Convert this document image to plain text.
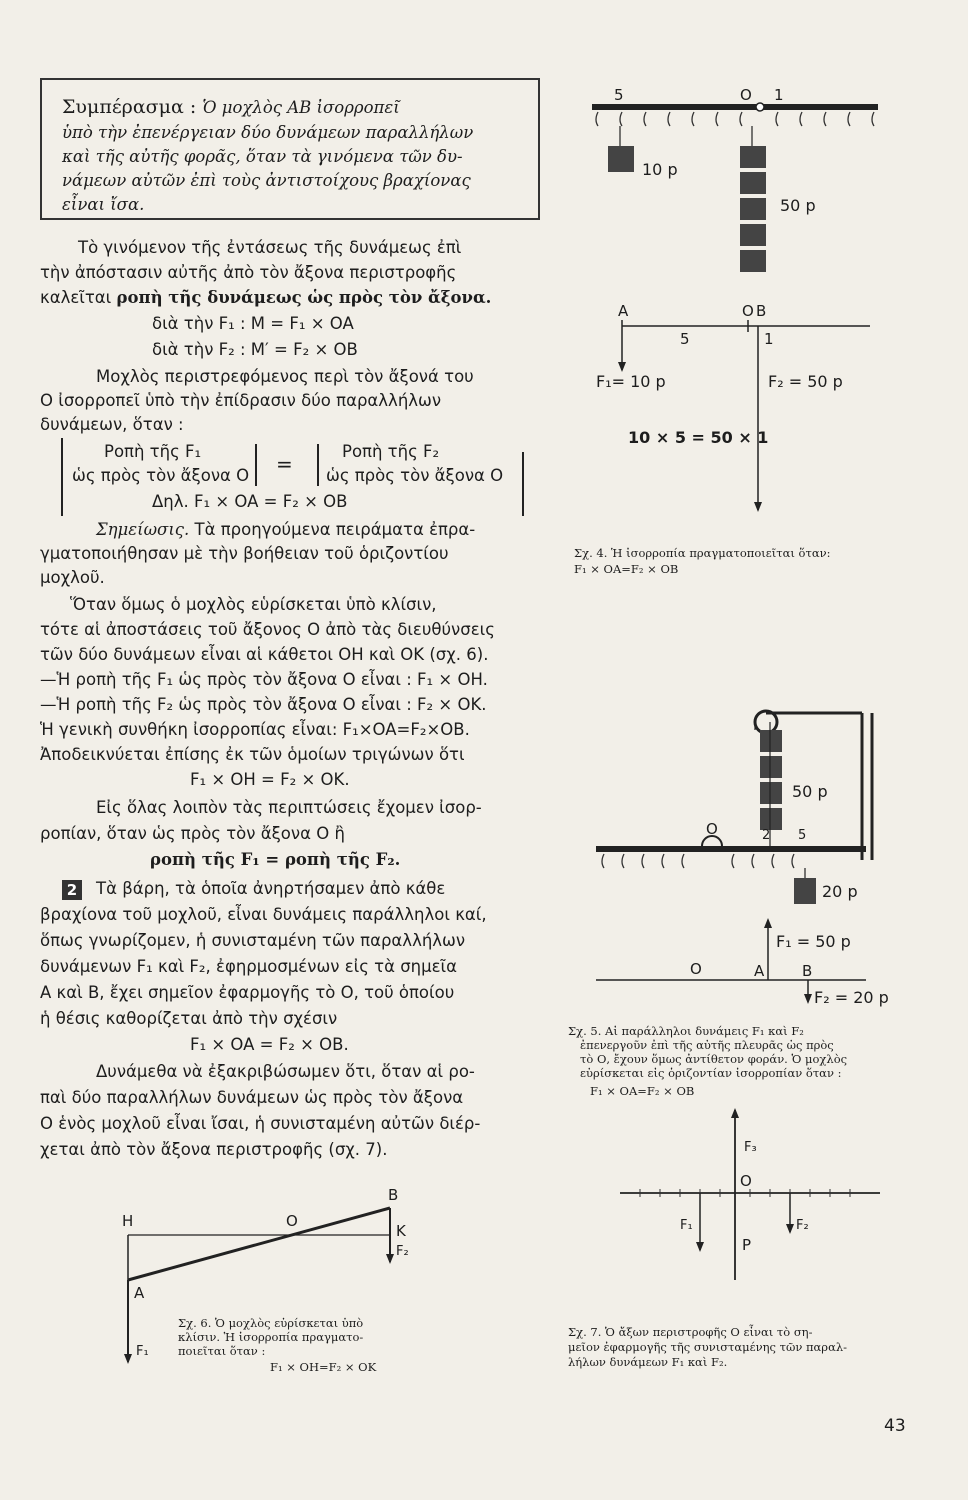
Συμπέρασμα : Ὁ μοχλὸς ΑΒ ἰσορροπεῖ
ὑπὸ τὴν ἐπενέργειαν δύο δυνάμεων παραλλήλων
καὶ τῆς αὐτῆς φορᾶς, ὅταν τὰ γινόμενα τῶν δυ-
νάμεων αὐτῶν ἐπὶ τοὺς ἀντιστοίχους βραχίονας
εἶναι ἴσα.
Τὸ γινόμενον τῆς ἐντάσεως τῆς δυνάμεως ἐπὶ
τὴν ἀπόστασιν αὐτῆς ἀπὸ τὸν ἄξονα περιστροφῆς
καλεῖται ροπὴ τῆς δυνάμεως ὡς πρὸς τὸν ἄξονα.
διὰ τὴν F₁ : M = F₁ × OA
διὰ τὴν F₂ : M′ = F₂ × OB
Μοχλὸς περιστρεφόμενος περὶ τὸν ἄξονά του
Ο ἰσορροπεῖ ὑπὸ τὴν ἐπίδρασιν δύο παραλλήλων
δυνάμεων, ὅταν :
Ροπὴ τῆς F₁
ὡς πρὸς τὸν ἄξονα Ο =
Ροπὴ τῆς F₂
ὡς πρὸς τὸν ἄξονα Ο
Δηλ. F₁ × OA = F₂ × OB
Σημείωσις. Τὰ προηγούμενα πειράματα ἐπρα-
γματοποιήθησαν μὲ τὴν βοήθειαν τοῦ ὁριζοντίου
μοχλοῦ.
Ὅταν ὅμως ὁ μοχλὸς εὑρίσκεται ὑπὸ κλίσιν,
τότε αἱ ἀποστάσεις τοῦ ἄξονος Ο ἀπὸ τὰς διευθύνσεις
τῶν δύο δυνάμεων εἶναι αἱ κάθετοι ΟΗ καὶ ΟΚ (σχ. 6).
—Ἡ ροπὴ τῆς F₁ ὡς πρὸς τὸν ἄξονα Ο εἶναι : F₁ × OH.
—Ἡ ροπὴ τῆς F₂ ὡς πρὸς τὸν ἄξονα Ο εἶναι : F₂ × OK.
Ἡ γενικὴ συνθήκη ἰσορροπίας εἶναι: F₁×OA=F₂×OB.
Ἀποδεικνύεται ἐπίσης ἐκ τῶν ὁμοίων τριγώνων ὅτι
F₁ × OH = F₂ × OK.
Εἰς ὅλας λοιπὸν τὰς περιπτώσεις ἔχομεν ἰσορ-
ροπίαν, ὅταν ὡς πρὸς τὸν ἄξονα Ο ἢ
ροπὴ τῆς F₁ = ροπὴ τῆς F₂.
2 Τὰ βάρη, τὰ ὁποῖα ἀνηρτήσαμεν ἀπὸ κάθε
βραχίονα τοῦ μοχλοῦ, εἶναι δυνάμεις παράλληλοι καί,
ὅπως γνωρίζομεν, ἡ συνισταμένη τῶν παραλλήλων
δυνάμενων F₁ καὶ F₂, ἐφηρμοσμένων εἰς τὰ σημεῖα
Α καὶ Β, ἔχει σημεῖον ἐφαρμογῆς τὸ Ο, τοῦ ὁποίου
ἡ θέσις καθορίζεται ἀπὸ τὴν σχέσιν
F₁ × OA = F₂ × OB.
Δυνάμεθα νὰ ἐξακριβώσωμεν ὅτι, ὅταν αἱ ρο-
παὶ δύο παραλλήλων δυνάμεων ὡς πρὸς τὸν ἄξονα
Ο ἑνὸς μοχλοῦ εἶναι ἴσαι, ἡ συνισταμένη αὐτῶν διέρ-
χεται ἀπὸ τὸν ἄξονα περιστροφῆς (σχ. 7).
H	O
K
B
A
F₂
F₁
Σχ. 6. Ὁ μοχλὸς εὑρίσκεται ὑπὸ
κλίσιν. Ἡ ἰσορροπία πραγματο-
ποιεῖται ὅταν :
F₁ × OH=F₂ × OK
5	O 1
10 p
50 p
A	O B
5	1
F₁= 10 p	F₂ = 50 p
10 × 5 = 50 × 1
Σχ. 4. Ἡ ἰσορροπία πραγματοποιεῖται ὅταν:
F₁ × OA=F₂ × OB
50 p
O	2 5
20 p
F₁ = 50 p
O	A	B
F₂ = 20 p
Σχ. 5. Αἱ παράλληλοι δυνάμεις F₁ καὶ F₂
ἐπενεργοῦν ἐπὶ τῆς αὐτῆς πλευρᾶς ὡς πρὸς
τὸ Ο, ἔχουν ὅμως ἀντίθετον φοράν. Ὁ μοχλὸς
εὑρίσκεται εἰς ὁριζοντίαν ἰσορροπίαν ὅταν :
F₁ × OA=F₂ × OB
F₃
O
F₁	F₂
P
Σχ. 7. Ὁ ἄξων περιστροφῆς Ο εἶναι τὸ ση-
μεῖον ἐφαρμογῆς τῆς συνισταμένης τῶν παραλ-
λήλων δυνάμεων F₁ καὶ F₂.
43
